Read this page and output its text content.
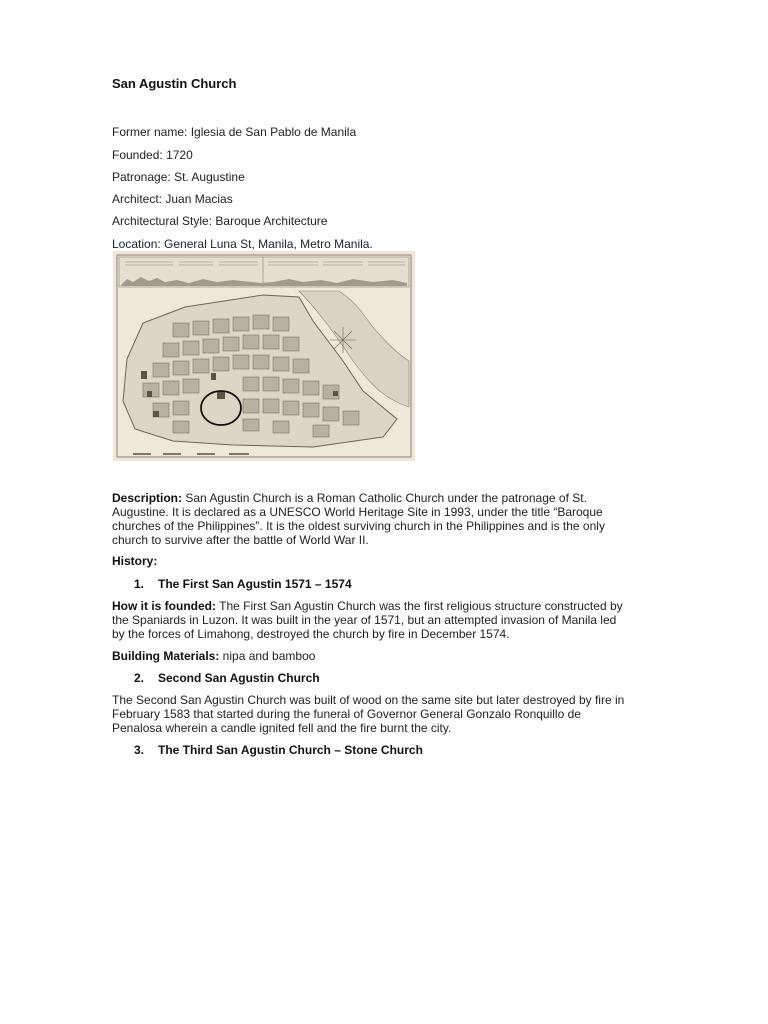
San Agustin Church
Former name: Iglesia de San Pablo de Manila
Founded: 1720
Patronage: St. Augustine
Architect: Juan Macias
Architectural Style: Baroque Architecture
Location: General Luna St, Manila, Metro Manila.
Description: San Agustin Church is a Roman Catholic Church under the patronage of St.
Augustine. It is declared as a UNESCO World Heritage Site in 1993, under the title “Baroque
churches of the Philippines”. It is the oldest surviving church in the Philippines and is the only
church to survive after the battle of World War II.
History:
1. The First San Agustin 1571 – 1574
How it is founded: The First San Agustin Church was the first religious structure constructed by
the Spaniards in Luzon. It was built in the year of 1571, but an attempted invasion of Manila led
by the forces of Limahong, destroyed the church by fire in December 1574.
Building Materials: nipa and bamboo
2. Second San Agustin Church
The Second San Agustin Church was built of wood on the same site but later destroyed by fire in
February 1583 that started during the funeral of Governor General Gonzalo Ronquillo de
Penalosa wherein a candle ignited fell and the fire burnt the city.
3. The Third San Agustin Church – Stone Church
